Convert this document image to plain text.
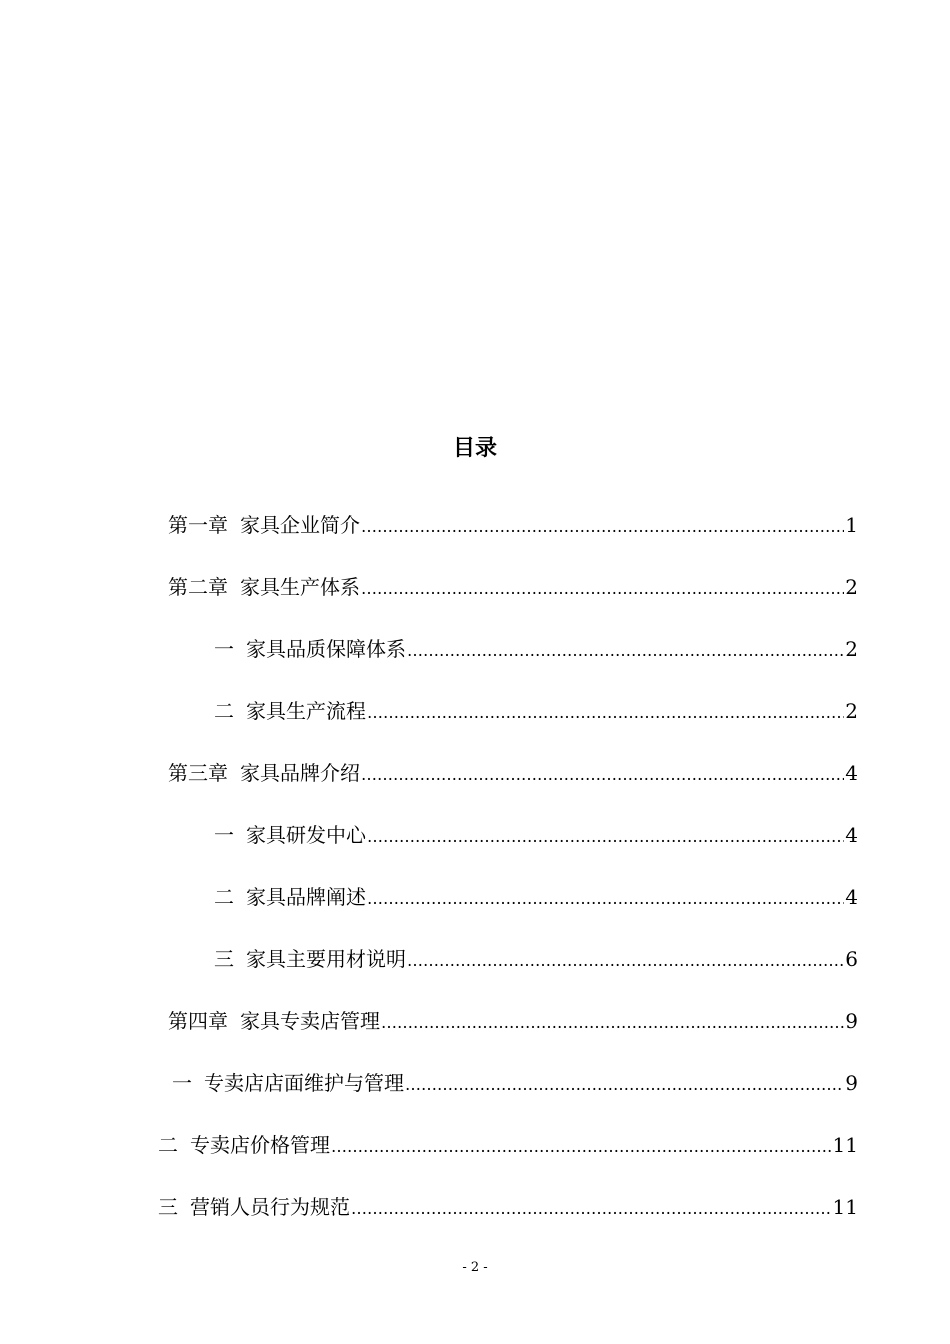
目录
第一章 家具企业简介 …………………………………………………………………………………………………………………………………………………	1
第二章 家具生产体系 …………………………………………………………………………………………………………………………………………………	2
一 家具品质保障体系 …………………………………………………………………………………………………………………………………………………	2
二 家具生产流程 …………………………………………………………………………………………………………………………………………………	2
第三章 家具品牌介绍 …………………………………………………………………………………………………………………………………………………	4
一 家具研发中心 …………………………………………………………………………………………………………………………………………………	4
二 家具品牌阐述 …………………………………………………………………………………………………………………………………………………	4
三 家具主要用材说明 …………………………………………………………………………………………………………………………………………………	6
第四章 家具专卖店管理 …………………………………………………………………………………………………………………………………………………	9
一 专卖店店面维护与管理 …………………………………………………………………………………………………………………………………………………	9
二 专卖店价格管理 …………………………………………………………………………………………………………………………………………………	11
三 营销人员行为规范 …………………………………………………………………………………………………………………………………………………	11
- 2 -
